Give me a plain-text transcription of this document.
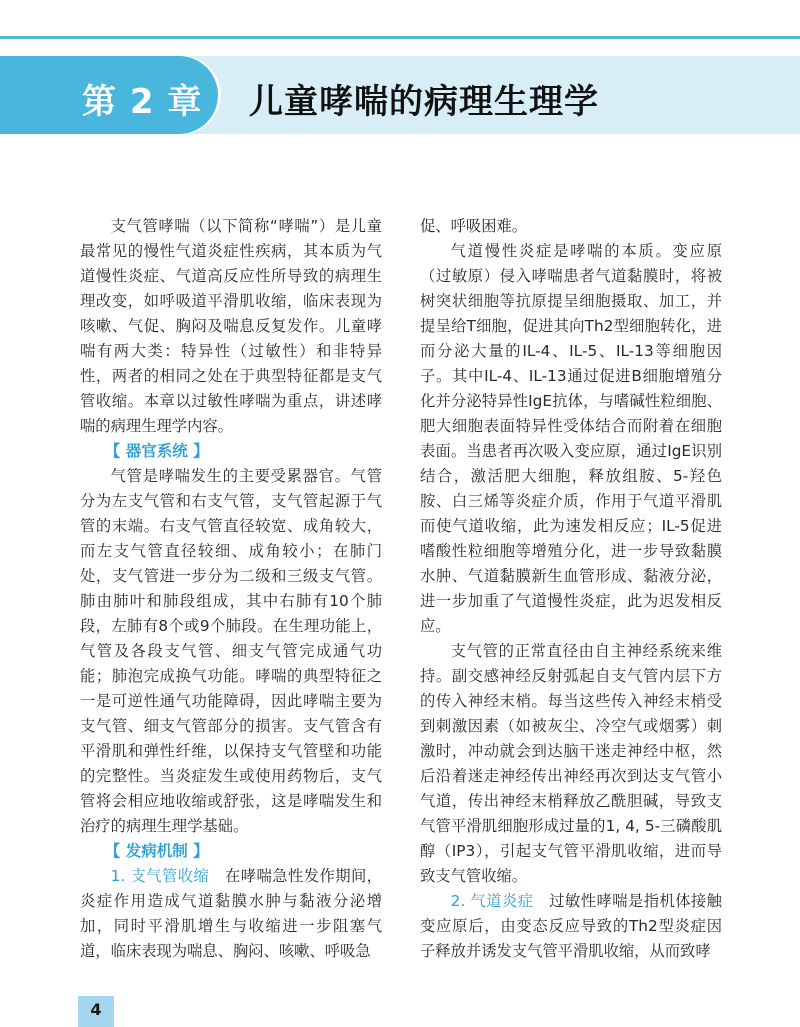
第 2 章 儿童哮喘的病理生理学

支气管哮喘（以下简称“哮喘”）是儿童最常见的慢性气道炎症性疾病，其本质为气道慢性炎症、气道高反应性所导致的病理生理改变，如呼吸道平滑肌收缩，临床表现为咳嗽、气促、胸闷及喘息反复发作。儿童哮喘有两大类：特异性（过敏性）和非特异性，两者的相同之处在于典型特征都是支气管收缩。本章以过敏性哮喘为重点，讲述哮喘的病理生理学内容。

【 器官系统 】

气管是哮喘发生的主要受累器官。气管分为左支气管和右支气管，支气管起源于气管的末端。右支气管直径较宽、成角较大，而左支气管直径较细、成角较小；在肺门处，支气管进一步分为二级和三级支气管。肺由肺叶和肺段组成，其中右肺有10个肺段，左肺有8个或9个肺段。在生理功能上，气管及各段支气管、细支气管完成通气功能；肺泡完成换气功能。哮喘的典型特征之一是可逆性通气功能障碍，因此哮喘主要为支气管、细支气管部分的损害。支气管含有平滑肌和弹性纤维，以保持支气管壁和功能的完整性。当炎症发生或使用药物后，支气管将会相应地收缩或舒张，这是哮喘发生和治疗的病理生理学基础。

【 发病机制 】

1. 支气管收缩　 在哮喘急性发作期间，炎症作用造成气道黏膜水肿与黏液分泌增加，同时平滑肌增生与收缩进一步阻塞气道，临床表现为喘息、胸闷、咳嗽、呼吸急

促、呼吸困难。

气道慢性炎症是哮喘的本质。变应原（过敏原）侵入哮喘患者气道黏膜时，将被树突状细胞等抗原提呈细胞摄取、加工，并提呈给T细胞，促进其向Th2型细胞转化，进而分泌大量的IL-4、IL-5、IL-13等细胞因子。其中IL-4、IL-13通过促进B细胞增殖分化并分泌特异性IgE抗体，与嗜碱性粒细胞、肥大细胞表面特异性受体结合而附着在细胞表面。当患者再次吸入变应原，通过IgE识别结合，激活肥大细胞，释放组胺、5-羟色胺、白三烯等炎症介质，作用于气道平滑肌而使气道收缩，此为速发相反应；IL-5促进嗜酸性粒细胞等增殖分化，进一步导致黏膜水肿、气道黏膜新生血管形成、黏液分泌，进一步加重了气道慢性炎症，此为迟发相反应。

支气管的正常直径由自主神经系统来维持。副交感神经反射弧起自支气管内层下方的传入神经末梢。每当这些传入神经末梢受到刺激因素（如被灰尘、冷空气或烟雾）刺激时，冲动就会到达脑干迷走神经中枢，然后沿着迷走神经传出神经再次到达支气管小气道，传出神经末梢释放乙酰胆碱，导致支气管平滑肌细胞形成过量的1, 4, 5-三磷酸肌醇（IP3），引起支气管平滑肌收缩，进而导致支气管收缩。

2. 气道炎症　 过敏性哮喘是指机体接触变应原后，由变态反应导致的Th2型炎症因子释放并诱发支气管平滑肌收缩，从而致哮

4
